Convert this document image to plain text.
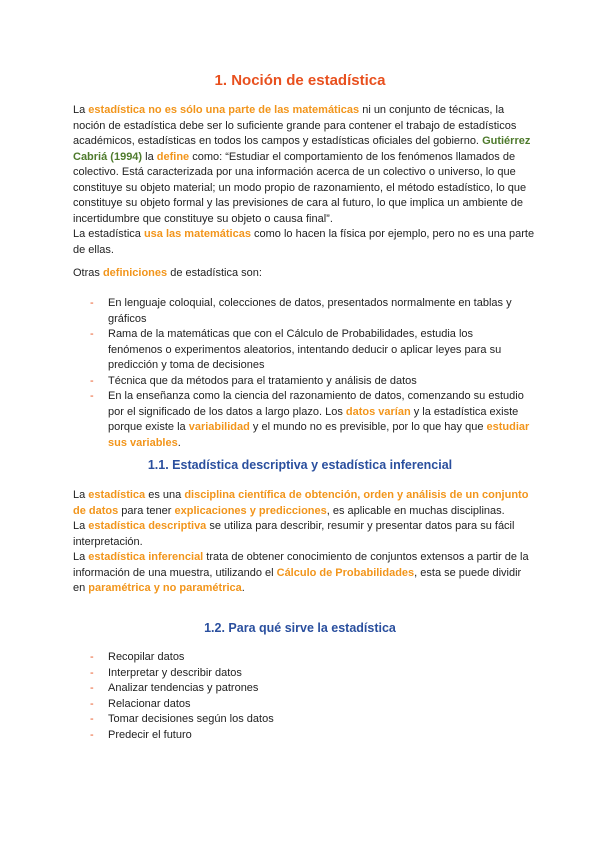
1. Noción de estadística

La estadística no es sólo una parte de las matemáticas ni un conjunto de técnicas, la noción de estadística debe ser lo suficiente grande para contener el trabajo de estadísticos académicos, estadísticas en todos los campos y estadísticas oficiales del gobierno. Gutiérrez Cabriá (1994) la define como: “Estudiar el comportamiento de los fenómenos llamados de colectivo. Está caracterizada por una información acerca de un colectivo o universo, lo que constituye su objeto material; un modo propio de razonamiento, el método estadístico, lo que constituye su objeto formal y las previsiones de cara al futuro, lo que implica un ambiente de incertidumbre que constituye su objeto o causa final”.
La estadística usa las matemáticas como lo hacen la física por ejemplo, pero no es una parte de ellas.

Otras definiciones de estadística son:

- En lenguaje coloquial, colecciones de datos, presentados normalmente en tablas y gráficos
- Rama de la matemáticas que con el Cálculo de Probabilidades, estudia los fenómenos o experimentos aleatorios, intentando deducir o aplicar leyes para su predicción y toma de decisiones
- Técnica que da métodos para el tratamiento y análisis de datos
- En la enseñanza como la ciencia del razonamiento de datos, comenzando su estudio por el significado de los datos a largo plazo. Los datos varían y la estadística existe porque existe la variabilidad y el mundo no es previsible, por lo que hay que estudiar sus variables.
1.1. Estadística descriptiva y estadística inferencial

La estadística es una disciplina científica de obtención, orden y análisis de un conjunto de datos para tener explicaciones y predicciones, es aplicable en muchas disciplinas.
La estadística descriptiva se utiliza para describir, resumir y presentar datos para su fácil interpretación.
La estadística inferencial trata de obtener conocimiento de conjuntos extensos a partir de la información de una muestra, utilizando el Cálculo de Probabilidades, esta se puede dividir en paramétrica y no paramétrica.

1.2. Para qué sirve la estadística
- Recopilar datos
- Interpretar y describir datos
- Analizar tendencias y patrones
- Relacionar datos
- Tomar decisiones según los datos
- Predecir el futuro
